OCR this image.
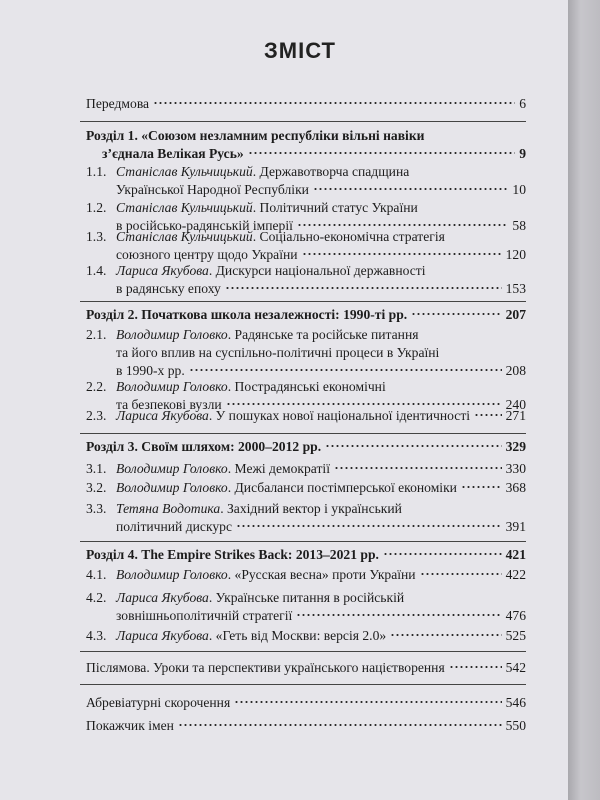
ЗМІСТ
Передмова	6
Розділ 1. «Союзом незламним республіки вільні навіки
з’єднала Велікая Русь»	9
1.1. Станіслав Кульчицький . Державотворча спадщина
Української Народної Республіки	10
1.2. Станіслав Кульчицький . Політичний статус України
в російсько-радянській імперії	58
1.3. Станіслав Кульчицький . Соціально-економічна стратегія
союзного центру щодо України	120
1.4. Лариса Якубова . Дискурси національної державності
в радянську епоху	153
Розділ 2. Початкова школа незалежності: 1990-ті рр.	207
2.1. Володимир Головко . Радянське та російське питання
та його вплив на суспільно-політичні процеси в Україні
в 1990-х рр.	208
2.2. Володимир Головко . Пострадянські економічні
та безпекові вузли	240
2.3. Лариса Якубова . У пошуках нової національної ідентичності	271
Розділ 3. Своїм шляхом: 2000–2012 рр.	329
3.1. Володимир Головко . Межі демократії	330
3.2. Володимир Головко . Дисбаланси постімперської економіки	368
3.3. Тетяна Водотика . Західний вектор і український
політичний дискурс	391
Розділ 4. The Empire Strikes Back: 2013–2021 рр.	421
4.1. Володимир Головко . «Русская весна» проти України	422
4.2. Лариса Якубова . Українське питання в російській
зовнішньополітичній стратегії	476
4.3. Лариса Якубова . «Геть від Москви: версія 2.0»	525
Післямова. Уроки та перспективи українського націєтворення	542
Абревіатурні скорочення	546
Покажчик імен	550
